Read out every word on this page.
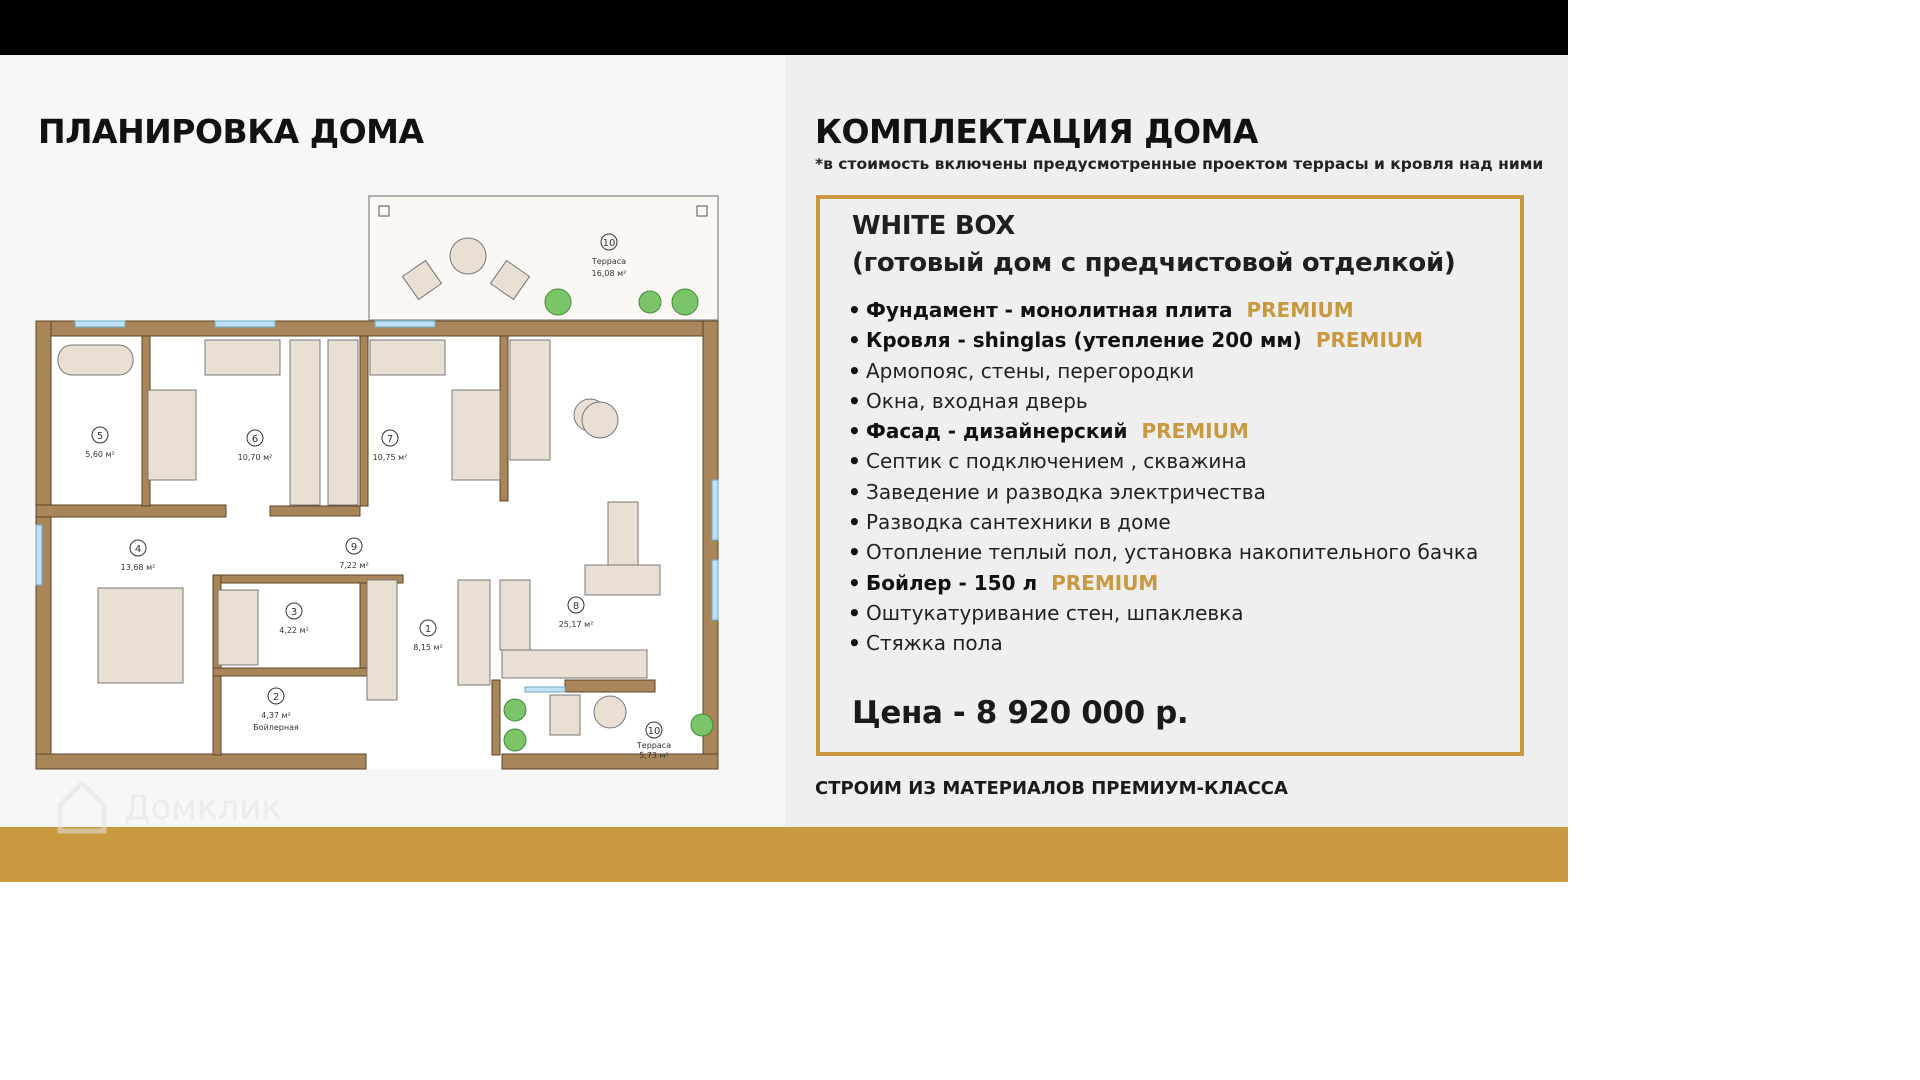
ПЛАНИРОВКА ДОМА	КОМПЛЕКТАЦИЯ ДОМА
*в стоимость включены предусмотренные проектом террасы и кровля над ними
10
Терраса
16,08 м²
5
5,60 м²
6
10,70 м²
7
10,75 м²
4
13,68 м²
9
7,22 м²
3
4,22 м²	1
8,15 м²
8
25,17 м²
2
4,37 м²
Бойлерная	10
Терраса
5,73 м²
Домклик
WHITE BOX
(готовый дом с предчистовой отделкой)
• Фундамент - монолитная плита PREMIUM
• Кровля - shinglas (утепление 200 мм) PREMIUM
• Армопояс, стены, перегородки
• Окна, входная дверь
• Фасад - дизайнерский PREMIUM
• Септик с подключением , скважина
• Заведение и разводка электричества
• Разводка сантехники в доме
• Отопление теплый пол, установка накопительного бачка
• Бойлер - 150 л PREMIUM
• Оштукатуривание стен, шпаклевка
• Стяжка пола
Цена - 8 920 000 р.
СТРОИМ ИЗ МАТЕРИАЛОВ ПРЕМИУМ-КЛАССА
